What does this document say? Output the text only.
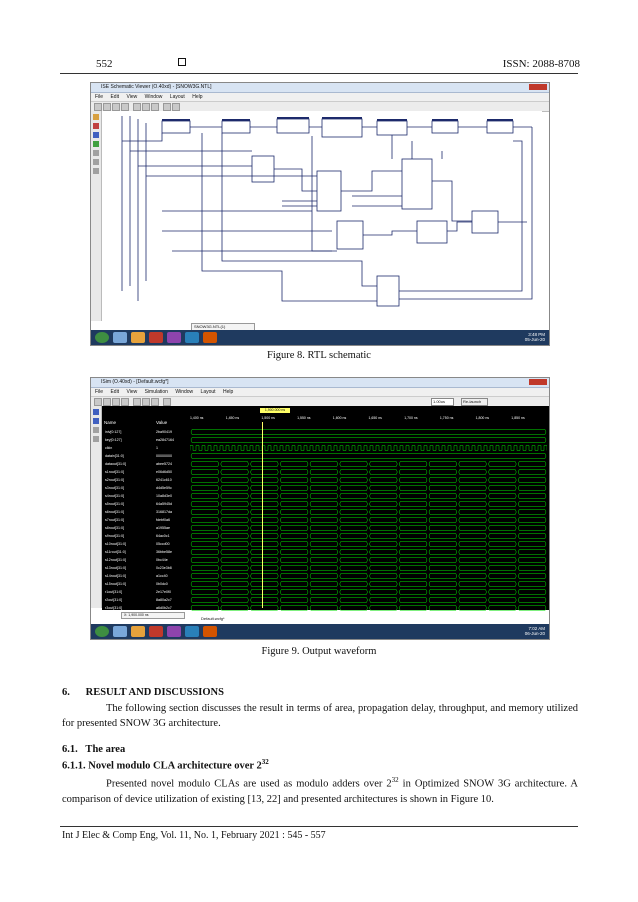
552	ISSN: 2088-8708
ISE Schematic Viewer (O.40xd) - [SNOW3G.NTL]
File Edit View Window Layout Help
SNOW3G.NTL(1)
3:48 PM
05-Jun-20
Figure 8. RTL schematic
ISim (O.40xd) - [Default.wcfg*]
File Edit View Simulation Window Layout Help
1.00us	Re-launch
Name	Value
1,900.000 ns
1,400 ns	1,450 ns	1,500 ns	1,550 ns	1,600 ns	1,650 ns	1,700 ns	1,750 ns	1,800 ns	1,850 ns
iniv[0:127]	2ba90419
key[0:127]	ea2847164
clkin	1
datain[31:0]	00000000
dataout[31:0]	abee5724
s1rout[31:0]	e06d6d50
s2rout[31:0]	6241c610
s3rout[31:0]	d4d5e59c
s4rout[31:0]	10a8d3e0
s5rout[31:0]	64a5945d
s6rout[31:0]	316817da
s7rout[31:0]	fdebf0a6
s8rout[31:0]	a1955ae
s9rout[31:0]	64ac0c1
s10rout[31:0]	05ccd00
s11rout[31:0]	36bbe58e
s12rout[31:0]	0bc44e
s13rout[31:0]	0c23e3b8
s14rout[31:0]	a1cc40
s15rout[31:0]	0b0dc0
r1out[31:0]	2e17e0f0
r2out[31:0]	8a80a2c7
r3out[31:0]	a6d0b2c7
X: 1,900.000 ns
Default.wcfg*
7:02 AM
06-Jun-20
Figure 9. Output waveform
6.      RESULT AND DISCUSSIONS
The following section discusses the result in terms of area, propagation delay, throughput, and memory utilized for presented SNOW 3G architecture.
6.1.   The area
6.1.1. Novel modulo CLA architecture over $2^{32}$
Presented novel modulo CLAs are used as modulo adders over $2^{32}$ in Optimized SNOW 3G architecture. A comparison of device utilization of existing [13, 22] and presented architectures is shown in Figure 10.
Int J Elec & Comp Eng, Vol. 11, No. 1, February 2021 : 545 - 557
